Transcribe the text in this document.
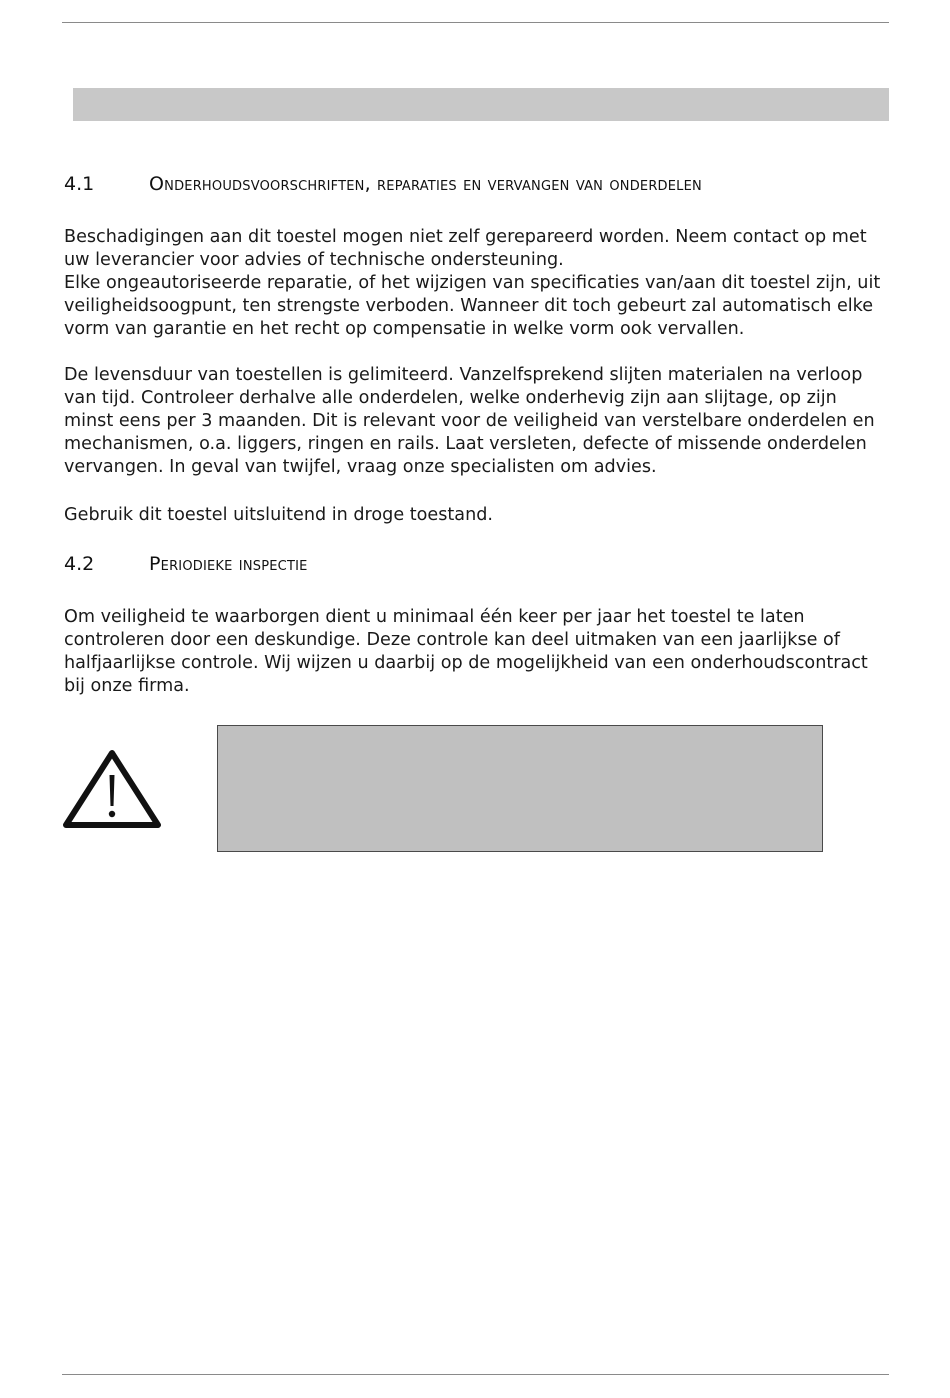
4.1	Onderhoudsvoorschriften, reparaties en vervangen van onderdelen

Beschadigingen aan dit toestel mogen niet zelf gerepareerd worden. Neem contact op met uw leverancier voor advies of technische ondersteuning.
Elke ongeautoriseerde reparatie, of het wijzigen van specificaties van/aan dit toestel zijn, uit veiligheidsoogpunt, ten strengste verboden. Wanneer dit toch gebeurt zal automatisch elke vorm van garantie en het recht op compensatie in welke vorm ook vervallen.

De levensduur van toestellen is gelimiteerd. Vanzelfsprekend slijten materialen na verloop van tijd. Controleer derhalve alle onderdelen, welke onderhevig zijn aan slijtage, op zijn minst eens per 3 maanden. Dit is relevant voor de veiligheid van verstelbare onderdelen en mechanismen, o.a. liggers, ringen en rails. Laat versleten, defecte of missende onderdelen vervangen. In geval van twijfel, vraag onze specialisten om advies.

Gebruik dit toestel uitsluitend in droge toestand.

4.2	Periodieke inspectie

Om veiligheid te waarborgen dient u minimaal één keer per jaar het toestel te laten controleren door een deskundige. Deze controle kan deel uitmaken van een jaarlijkse of halfjaarlijkse controle. Wij wijzen u daarbij op de mogelijkheid van een onderhoudscontract bij onze firma.
